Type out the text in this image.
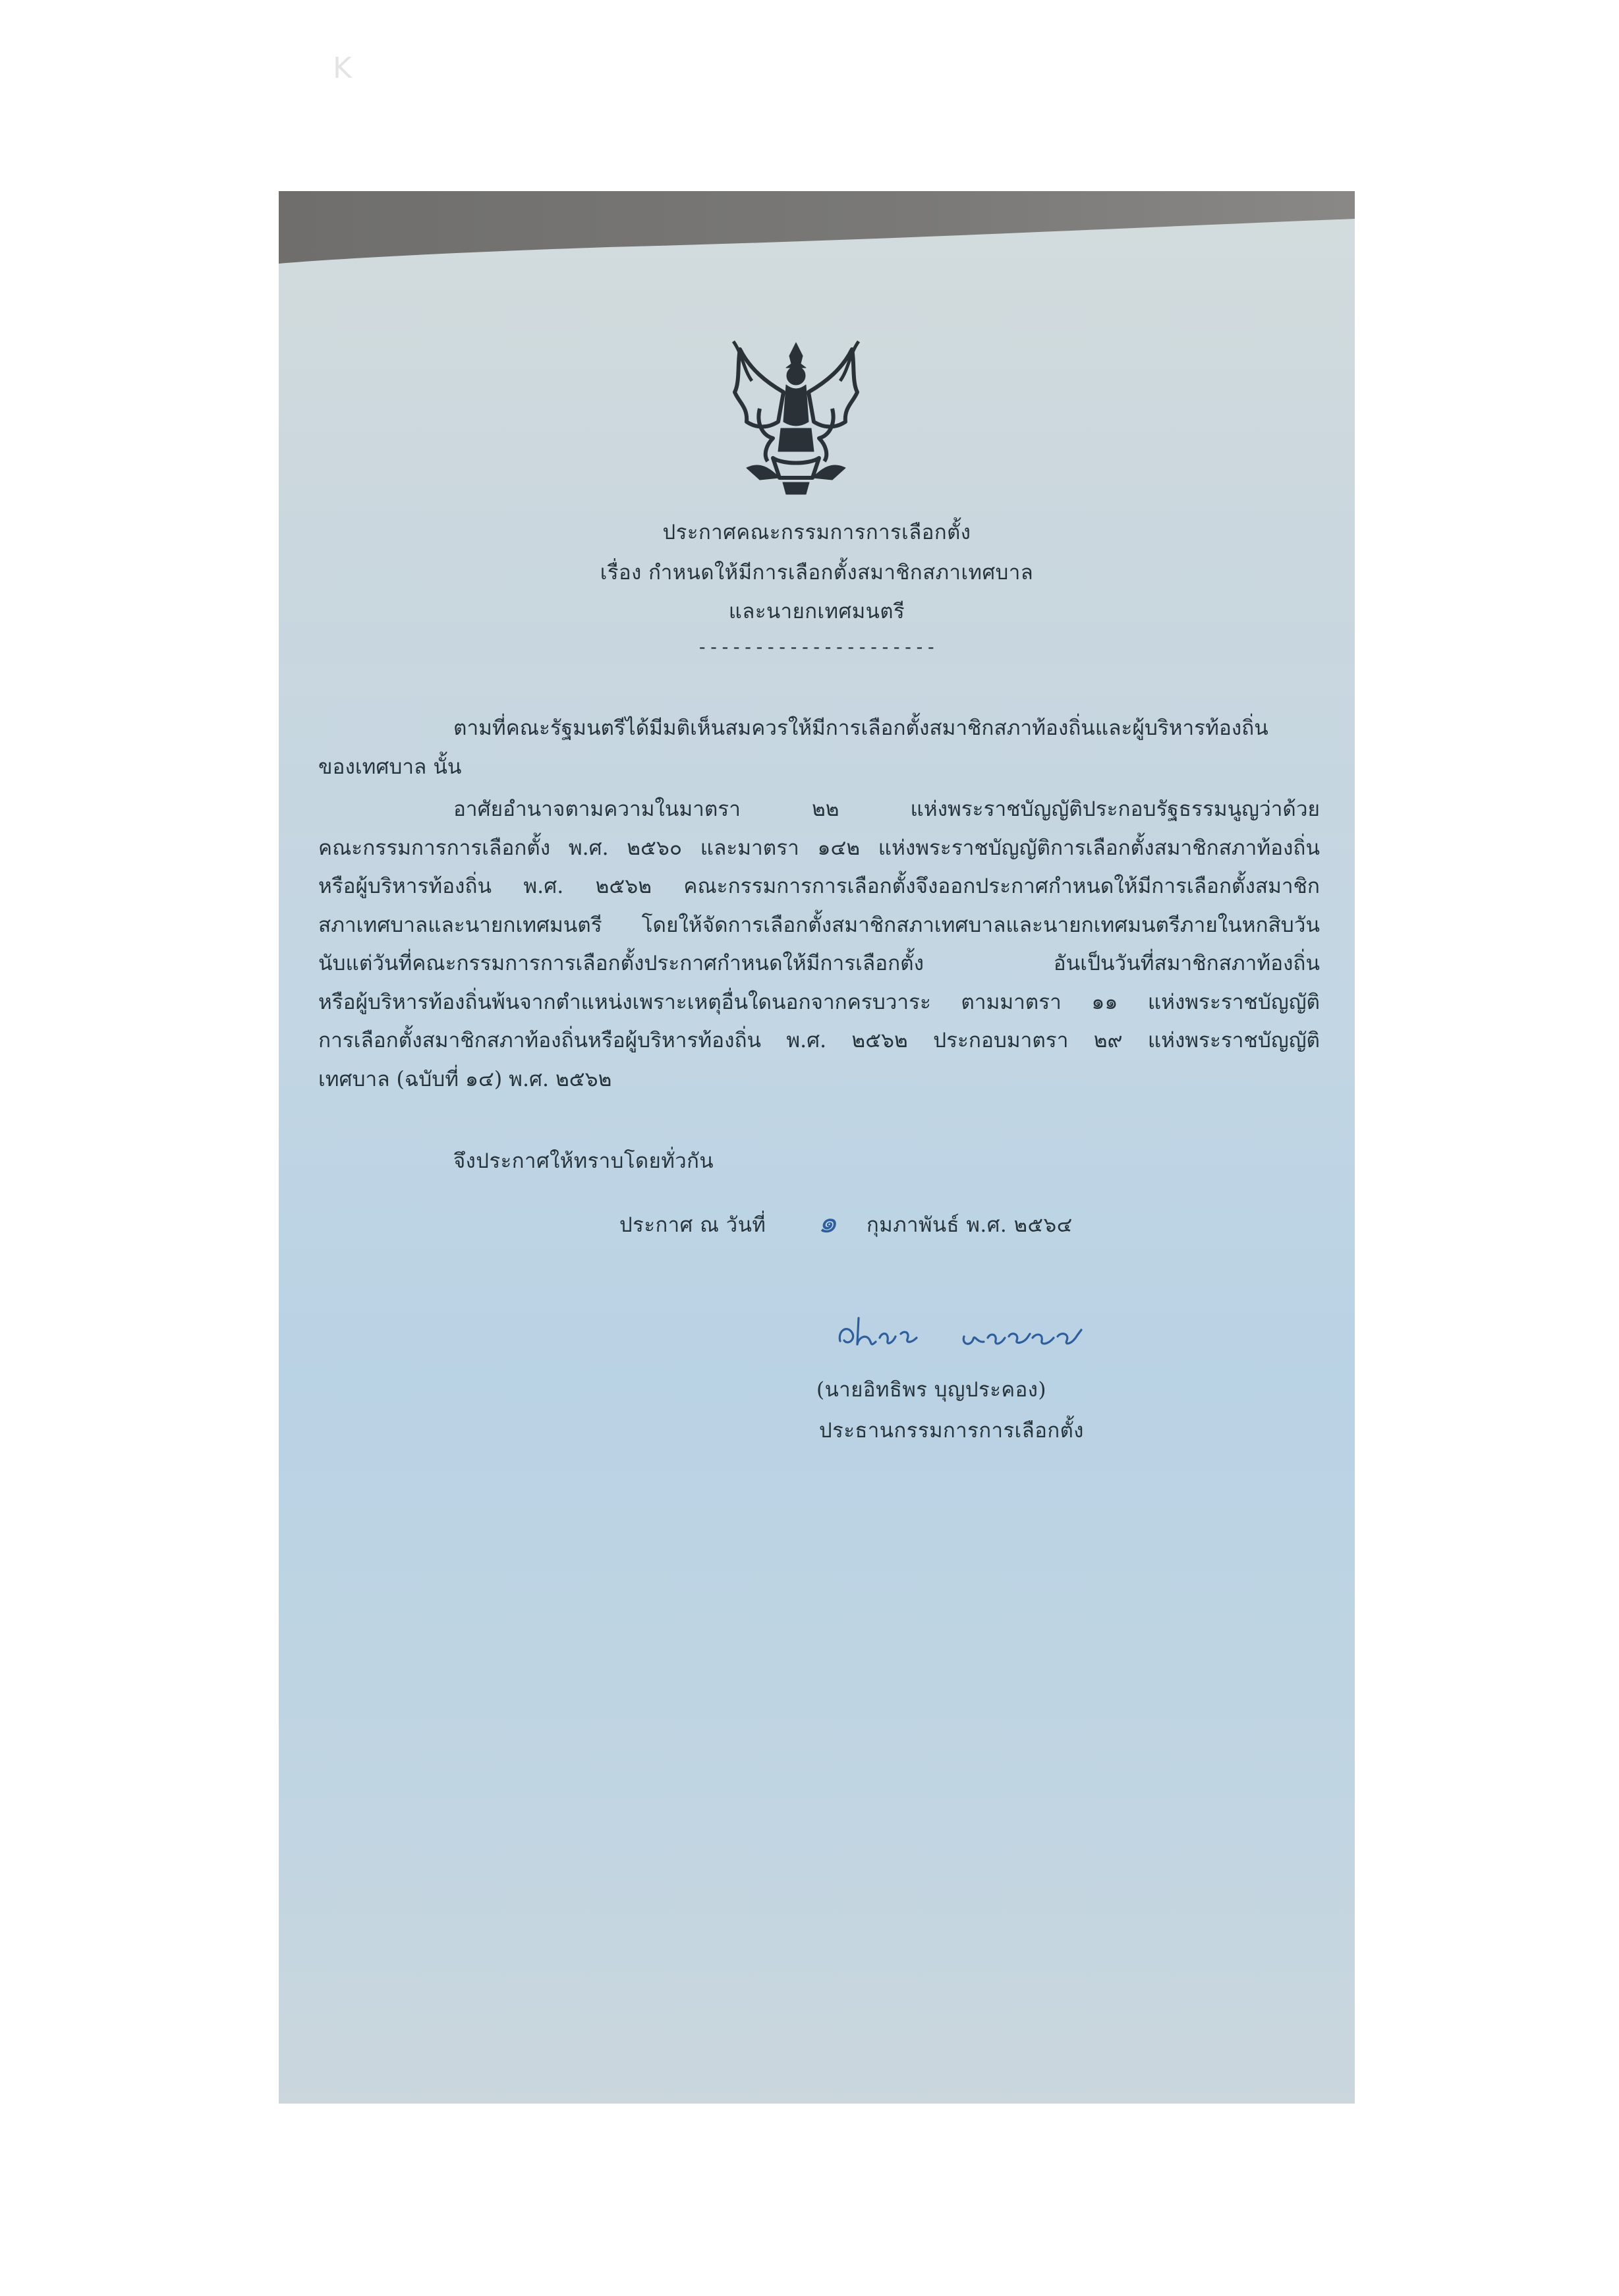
K
ประกาศคณะกรรมการการเลือกตั้ง
เรื่อง กำหนดให้มีการเลือกตั้งสมาชิกสภาเทศบาล
และนายกเทศมนตรี
---------------------
ตามที่คณะรัฐมนตรีได้มีมติเห็นสมควรให้มีการเลือกตั้งสมาชิกสภาท้องถิ่นและผู้บริหารท้องถิ่น
ของเทศบาล นั้น
อาศัยอำนาจตามความในมาตรา ๒๒ แห่งพระราชบัญญัติประกอบรัฐธรรมนูญว่าด้วย
คณะกรรมการการเลือกตั้ง พ.ศ. ๒๕๖๐ และมาตรา ๑๔๒ แห่งพระราชบัญญัติการเลือกตั้งสมาชิกสภาท้องถิ่น
หรือผู้บริหารท้องถิ่น พ.ศ. ๒๕๖๒ คณะกรรมการการเลือกตั้งจึงออกประกาศกำหนดให้มีการเลือกตั้งสมาชิก
สภาเทศบาลและนายกเทศมนตรี โดยให้จัดการเลือกตั้งสมาชิกสภาเทศบาลและนายกเทศมนตรีภายในหกสิบวัน
นับแต่วันที่คณะกรรมการการเลือกตั้งประกาศกำหนดให้มีการเลือกตั้ง อันเป็นวันที่สมาชิกสภาท้องถิ่น
หรือผู้บริหารท้องถิ่นพ้นจากตำแหน่งเพราะเหตุอื่นใดนอกจากครบวาระ ตามมาตรา ๑๑ แห่งพระราชบัญญัติ
การเลือกตั้งสมาชิกสภาท้องถิ่นหรือผู้บริหารท้องถิ่น พ.ศ. ๒๕๖๒ ประกอบมาตรา ๒๙ แห่งพระราชบัญญัติ
เทศบาล (ฉบับที่ ๑๔) พ.ศ. ๒๕๖๒
จึงประกาศให้ทราบโดยทั่วกัน
ประกาศ ณ วันที่ ๑ กุมภาพันธ์ พ.ศ. ๒๕๖๔
(นายอิทธิพร บุญประคอง)
ประธานกรรมการการเลือกตั้ง
